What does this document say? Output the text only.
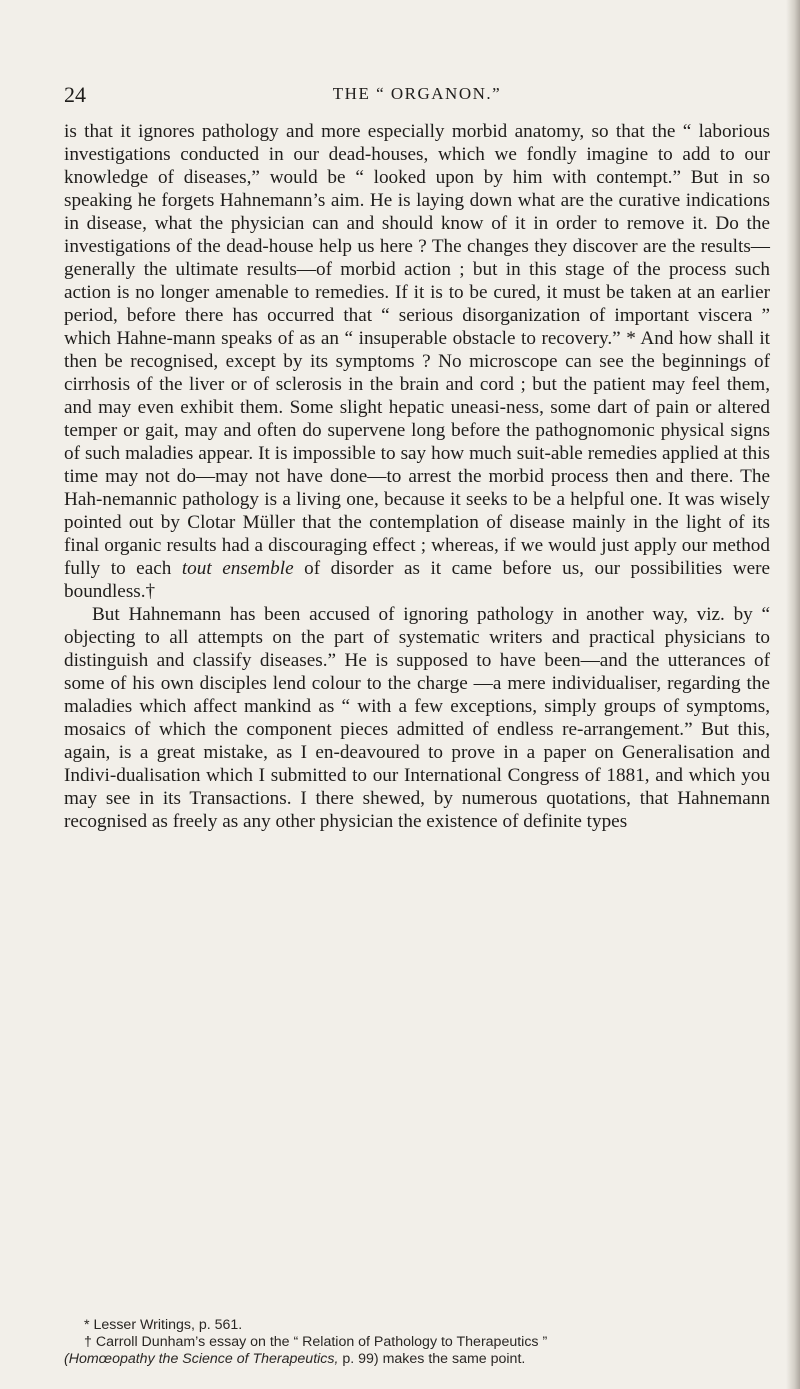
24	THE “ ORGANON.”

is that it ignores pathology and more especially morbid anatomy, so that the “ laborious investigations conducted in our dead-houses, which we fondly imagine to add to our knowledge of diseases,” would be “ looked upon by him with contempt.” But in so speaking he forgets Hahnemann’s aim. He is laying down what are the curative indications in disease, what the physician can and should know of it in order to remove it. Do the investigations of the dead-house help us here ? The changes they discover are the results—generally the ultimate results—of morbid action ; but in this stage of the process such action is no longer amenable to remedies. If it is to be cured, it must be taken at an earlier period, before there has occurred that “ serious disorganization of important viscera ” which Hahne-mann speaks of as an “ insuperable obstacle to recovery.” * And how shall it then be recognised, except by its symptoms ? No microscope can see the beginnings of cirrhosis of the liver or of sclerosis in the brain and cord ; but the patient may feel them, and may even exhibit them. Some slight hepatic uneasi-ness, some dart of pain or altered temper or gait, may and often do supervene long before the pathognomonic physical signs of such maladies appear. It is impossible to say how much suit-able remedies applied at this time may not do—may not have done—to arrest the morbid process then and there. The Hah-nemannic pathology is a living one, because it seeks to be a helpful one. It was wisely pointed out by Clotar Müller that the contemplation of disease mainly in the light of its final organic results had a discouraging effect ; whereas, if we would just apply our method fully to each tout ensemble of disorder as it came before us, our possibilities were boundless.†

But Hahnemann has been accused of ignoring pathology in another way, viz. by “ objecting to all attempts on the part of systematic writers and practical physicians to distinguish and classify diseases.” He is supposed to have been—and the utterances of some of his own disciples lend colour to the charge —a mere individualiser, regarding the maladies which affect mankind as “ with a few exceptions, simply groups of symptoms, mosaics of which the component pieces admitted of endless re-arrangement.” But this, again, is a great mistake, as I en-deavoured to prove in a paper on Generalisation and Indivi-dualisation which I submitted to our International Congress of 1881, and which you may see in its Transactions. I there shewed, by numerous quotations, that Hahnemann recognised as freely as any other physician the existence of definite types

* Lesser Writings, p. 561.

† Carroll Dunham’s essay on the “ Relation of Pathology to Therapeutics ”

(Homœopathy the Science of Therapeutics, p. 99) makes the same point.
